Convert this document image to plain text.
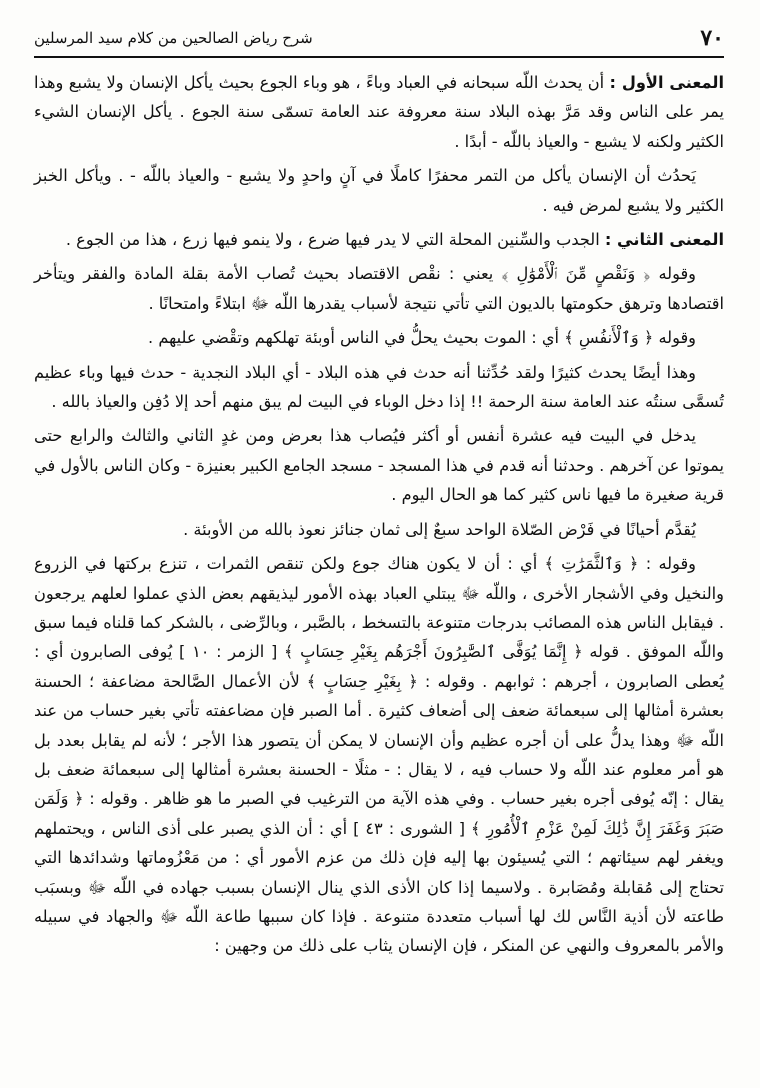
٧٠
شرح رياض الصالحين من كلام سيد المرسلين

المعنى الأول : أن يحدث اللّه سبحانه في العباد وباءً ، هو وباء الجوع بحيث يأكل الإنسان ولا يشبع وهذا يمر على الناس وقد مَرَّ بهذه البلاد سنة معروفة عند العامة تسمّى سنة الجوع . يأكل الإنسان الشيء الكثير ولكنه لا يشبع - والعياذ باللّه - أبدًا .

يَحدُث أن الإنسان يأكل من التمر محفرًا كاملًا في آنٍ واحدٍ ولا يشبع - والعياذ باللّه - . ويأكل الخبز الكثير ولا يشبع لمرض فيه .

المعنى الثاني : الجدب والسِّنين المحلة التي لا يدر فيها ضرع ، ولا ينمو فيها زرع ، هذا من الجوع .

وقوله ﴿ وَنَقْصٍ مِّنَ ٱلْأَمْوَٰلِ ﴾ يعني : نقْص الاقتصاد بحيث تُصاب الأمة بقلة المادة والفقر ويتأخر اقتصادها وترهق حكومتها بالديون التي تأتي نتيجة لأسباب يقدرها اللّه ﷻ ابتلاءً وامتحانًا .

وقوله ﴿ وَٱلْأَنفُسِ ﴾ أي : الموت بحيث يحلُّ في الناس أوبئة تهلكهم وتقْضي عليهم .

وهذا أيضًا يحدث كثيرًا ولقد حُدِّثنا أنه حدث في هذه البلاد - أي البلاد النجدية - حدث فيها وباء عظيم تُسمَّى سنتُه عند العامة سنة الرحمة !! إذا دخل الوباء في البيت لم يبق منهم أحد إلا دُفِن والعياذ بالله .

يدخل في البيت فيه عشرة أنفس أو أكثر فيُصاب هذا بعرض ومن غدٍ الثاني والثالث والرابع حتى يموتوا عن آخرهم . وحدثنا أنه قدم في هذا المسجد - مسجد الجامع الكبير بعنيزة - وكان الناس بالأول في قرية صغيرة ما فيها ناس كثير كما هو الحال اليوم .

يُقدَّم أحيانًا في فَرْض الصّلاة الواحد سبعٌ إلى ثمان جنائز نعوذ بالله من الأوبئة .

وقوله : ﴿ وَٱلثَّمَرَٰتِ ﴾ أي : أن لا يكون هناك جوع ولكن تنقص الثمرات ، تنزع بركتها في الزروع والنخيل وفي الأشجار الأخرى ، واللّه ﷻ يبتلي العباد بهذه الأمور ليذيقهم بعض الذي عملوا لعلهم يرجعون . فيقابل الناس هذه المصائب بدرجات متنوعة بالتسخط ، بالصَّبر ، وبالرِّضى ، بالشكر كما قلناه فيما سبق واللّه الموفق . قوله ﴿ إِنَّمَا يُوَفَّى ٱلصَّٰبِرُونَ أَجْرَهُم بِغَيْرِ حِسَابٍ ﴾ [ الزمر : ١٠ ] يُوفى الصابرون أي : يُعطى الصابرون ، أجرهم : ثوابهم . وقوله : ﴿ بِغَيْرِ حِسَابٍ ﴾ لأن الأعمال الصَّالحة مضاعفة ؛ الحسنة بعشرة أمثالها إلى سبعمائة ضعف إلى أضعاف كثيرة . أما الصبر فإن مضاعفته تأتي بغير حساب من عند اللّه ﷻ وهذا يدلُّ على أن أجره عظيم وأن الإنسان لا يمكن أن يتصور هذا الأجر ؛ لأنه لم يقابل بعدد بل هو أمر معلوم عند اللّه ولا حساب فيه ، لا يقال : - مثلًا - الحسنة بعشرة أمثالها إلى سبعمائة ضعف بل يقال : إنّه يُوفى أجره بغير حساب . وفي هذه الآية من الترغيب في الصبر ما هو ظاهر . وقوله : ﴿ وَلَمَن صَبَرَ وَغَفَرَ إِنَّ ذَٰلِكَ لَمِنْ عَزْمِ ٱلْأُمُورِ ﴾ [ الشورى : ٤٣ ] أي : أن الذي يصبر على أذى الناس ، ويحتملهم ويغفر لهم سيئاتهم ؛ التي يُسيئون بها إليه فإن ذلك من عزم الأمور أي : من مَعْزُوماتها وشدائدها التي تحتاج إلى مُقابلة ومُصَابرة . ولاسيما إذا كان الأذى الذي ينال الإنسان بسبب جهاده في اللّه ﷻ وبسبَب طاعته لأن أذية النَّاس لك لها أسباب متعددة متنوعة . فإذا كان سببها طاعة اللّه ﷻ والجهاد في سبيله والأمر بالمعروف والنهي عن المنكر ، فإن الإنسان يثاب على ذلك من وجهين :
